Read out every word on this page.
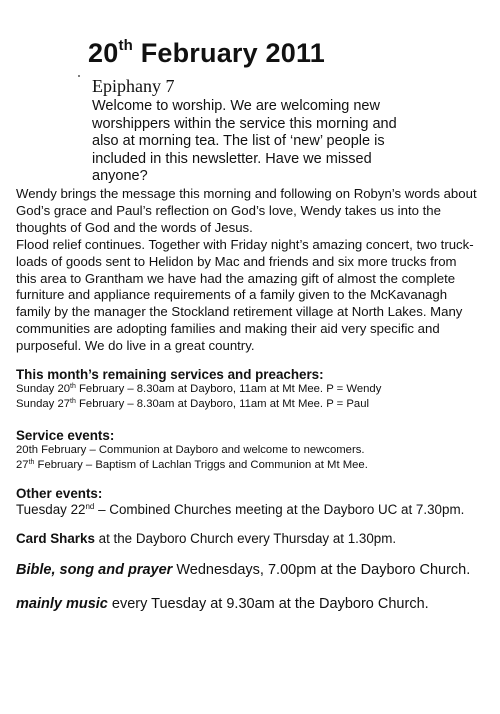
20th February 2011
Epiphany 7
Welcome to worship. We are welcoming new
worshippers within the service this morning and
also at morning tea. The list of ‘new’ people is
included in this newsletter. Have we missed
anyone?
Wendy brings the message this morning and following on Robyn’s words about
God’s grace and Paul’s reflection on God’s love, Wendy takes us into the
thoughts of God and the words of Jesus.
Flood relief continues. Together with Friday night’s amazing concert, two truck-
loads of goods sent to Helidon by Mac and friends and six more trucks from
this area to Grantham we have had the amazing gift of almost the complete
furniture and appliance requirements of a family given to the McKavanagh
family by the manager the Stockland retirement village at North Lakes. Many
communities are adopting families and making their aid very specific and
purposeful. We do live in a great country.
This month’s remaining services and preachers:
Sunday 20th February – 8.30am at Dayboro, 11am at Mt Mee. P = Wendy
Sunday 27th February – 8.30am at Dayboro, 11am at Mt Mee. P = Paul
Service events:
20th February – Communion at Dayboro and welcome to newcomers.
27th February – Baptism of Lachlan Triggs and Communion at Mt Mee.
Other events:
Tuesday 22nd – Combined Churches meeting at the Dayboro UC at 7.30pm.
Card Sharks at the Dayboro Church every Thursday at 1.30pm.
Bible, song and prayer Wednesdays, 7.00pm at the Dayboro Church.
mainly music every Tuesday at 9.30am at the Dayboro Church.
